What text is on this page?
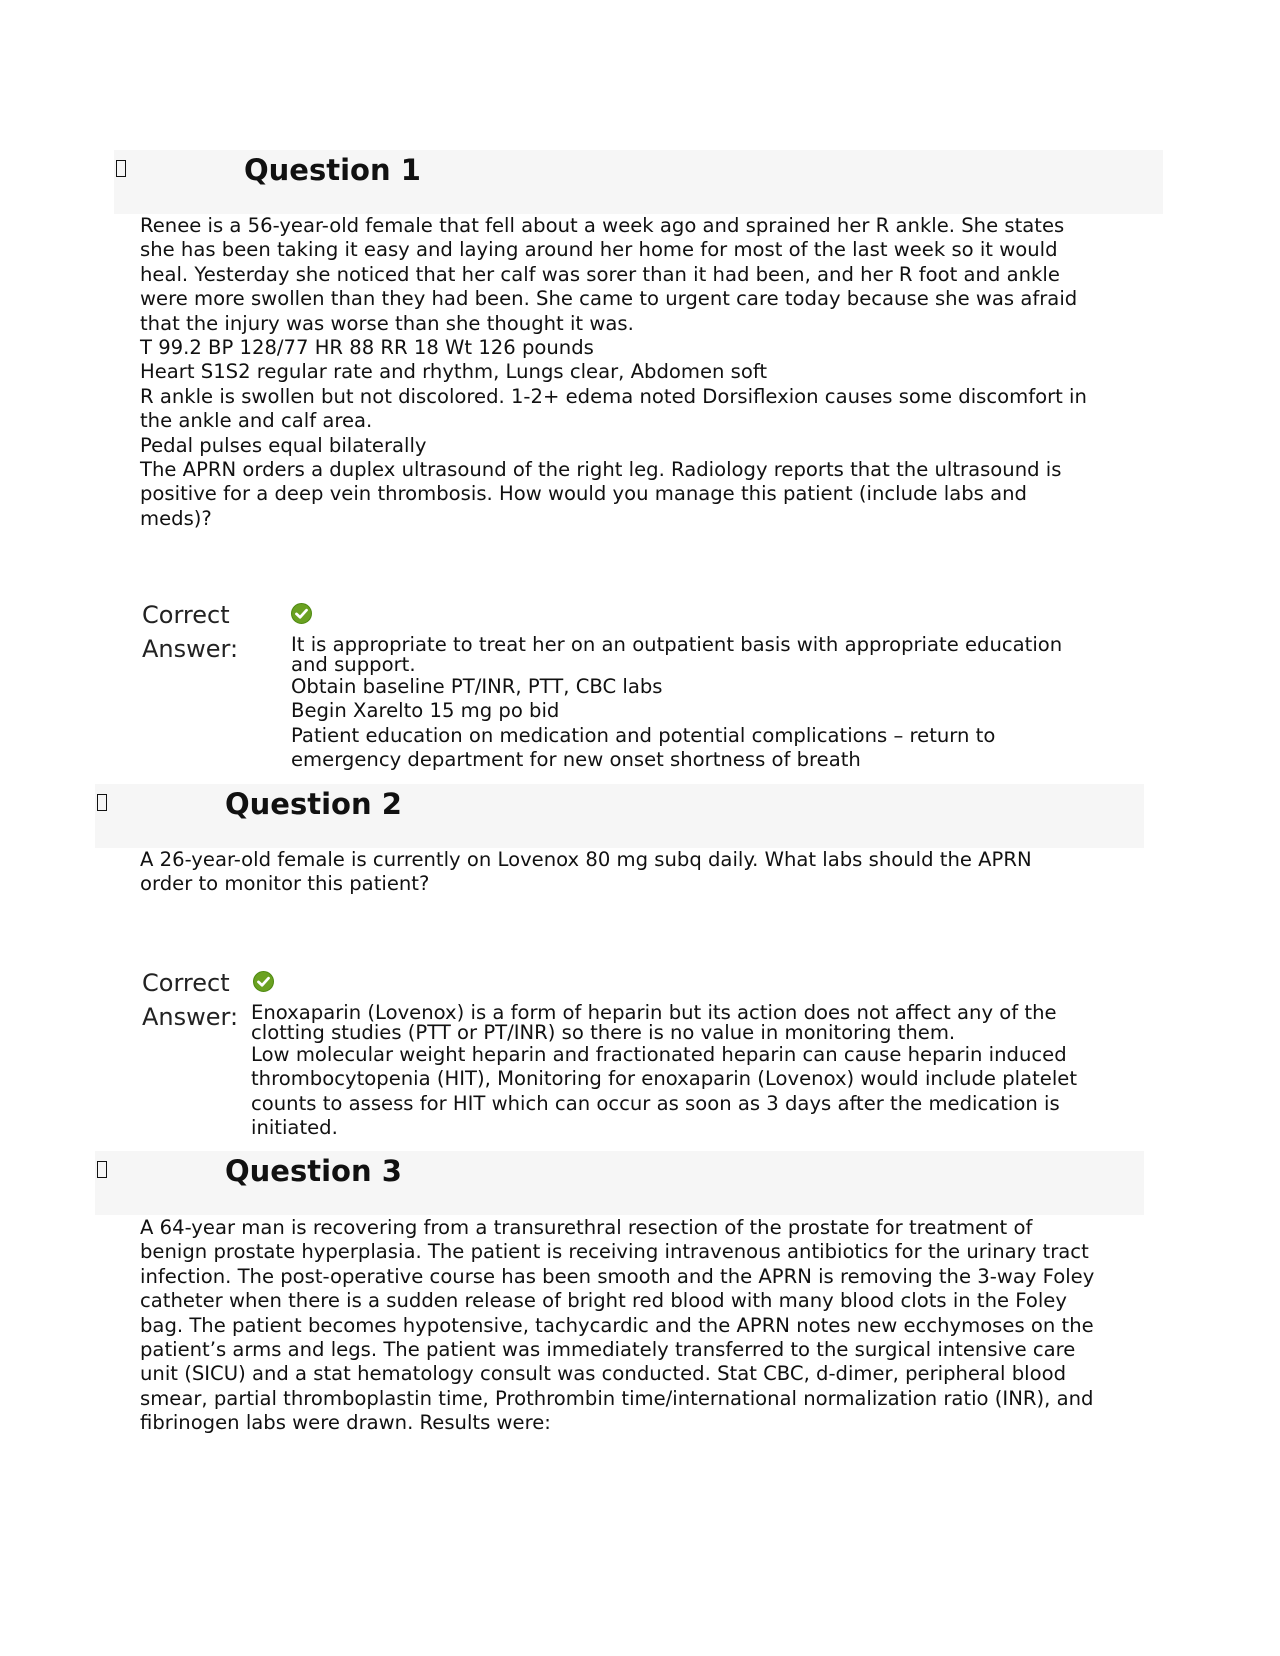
Question 1

Renee is a 56-year-old female that fell about a week ago and sprained her R ankle. She states she has been taking it easy and laying around her home for most of the last week so it would heal. Yesterday she noticed that her calf was sorer than it had been, and her R foot and ankle were more swollen than they had been. She came to urgent care today because she was afraid that the injury was worse than she thought it was.

T 99.2 BP 128/77 HR 88 RR 18 Wt 126 pounds

Heart S1S2 regular rate and rhythm, Lungs clear, Abdomen soft

R ankle is swollen but not discolored. 1-2+ edema noted Dorsiflexion causes some discomfort in the ankle and calf area.

Pedal pulses equal bilaterally

The APRN orders a duplex ultrasound of the right leg. Radiology reports that the ultrasound is positive for a deep vein thrombosis. How would you manage this patient (include labs and meds)?

Correct
Answer:	It is appropriate to treat her on an outpatient basis with appropriate education and support.

Obtain baseline PT/INR, PTT, CBC labs

Begin Xarelto 15 mg po bid

Patient education on medication and potential complications – return to emergency department for new onset shortness of breath

Question 2

A 26-year-old female is currently on Lovenox 80 mg subq daily. What labs should the APRN order to monitor this patient?

Correct
Answer: Enoxaparin (Lovenox) is a form of heparin but its action does not affect any of the clotting studies (PTT or PT/INR) so there is no value in monitoring them.

Low molecular weight heparin and fractionated heparin can cause heparin induced thrombocytopenia (HIT), Monitoring for enoxaparin (Lovenox) would include platelet counts to assess for HIT which can occur as soon as 3 days after the medication is initiated.

Question 3

A 64-year man is recovering from a transurethral resection of the prostate for treatment of benign prostate hyperplasia. The patient is receiving intravenous antibiotics for the urinary tract infection. The post-operative course has been smooth and the APRN is removing the 3-way Foley catheter when there is a sudden release of bright red blood with many blood clots in the Foley bag. The patient becomes hypotensive, tachycardic and the APRN notes new ecchymoses on the patient’s arms and legs. The patient was immediately transferred to the surgical intensive care unit (SICU) and a stat hematology consult was conducted. Stat CBC, d-dimer, peripheral blood smear, partial thromboplastin time, Prothrombin time/international normalization ratio (INR), and fibrinogen labs were drawn. Results were:
